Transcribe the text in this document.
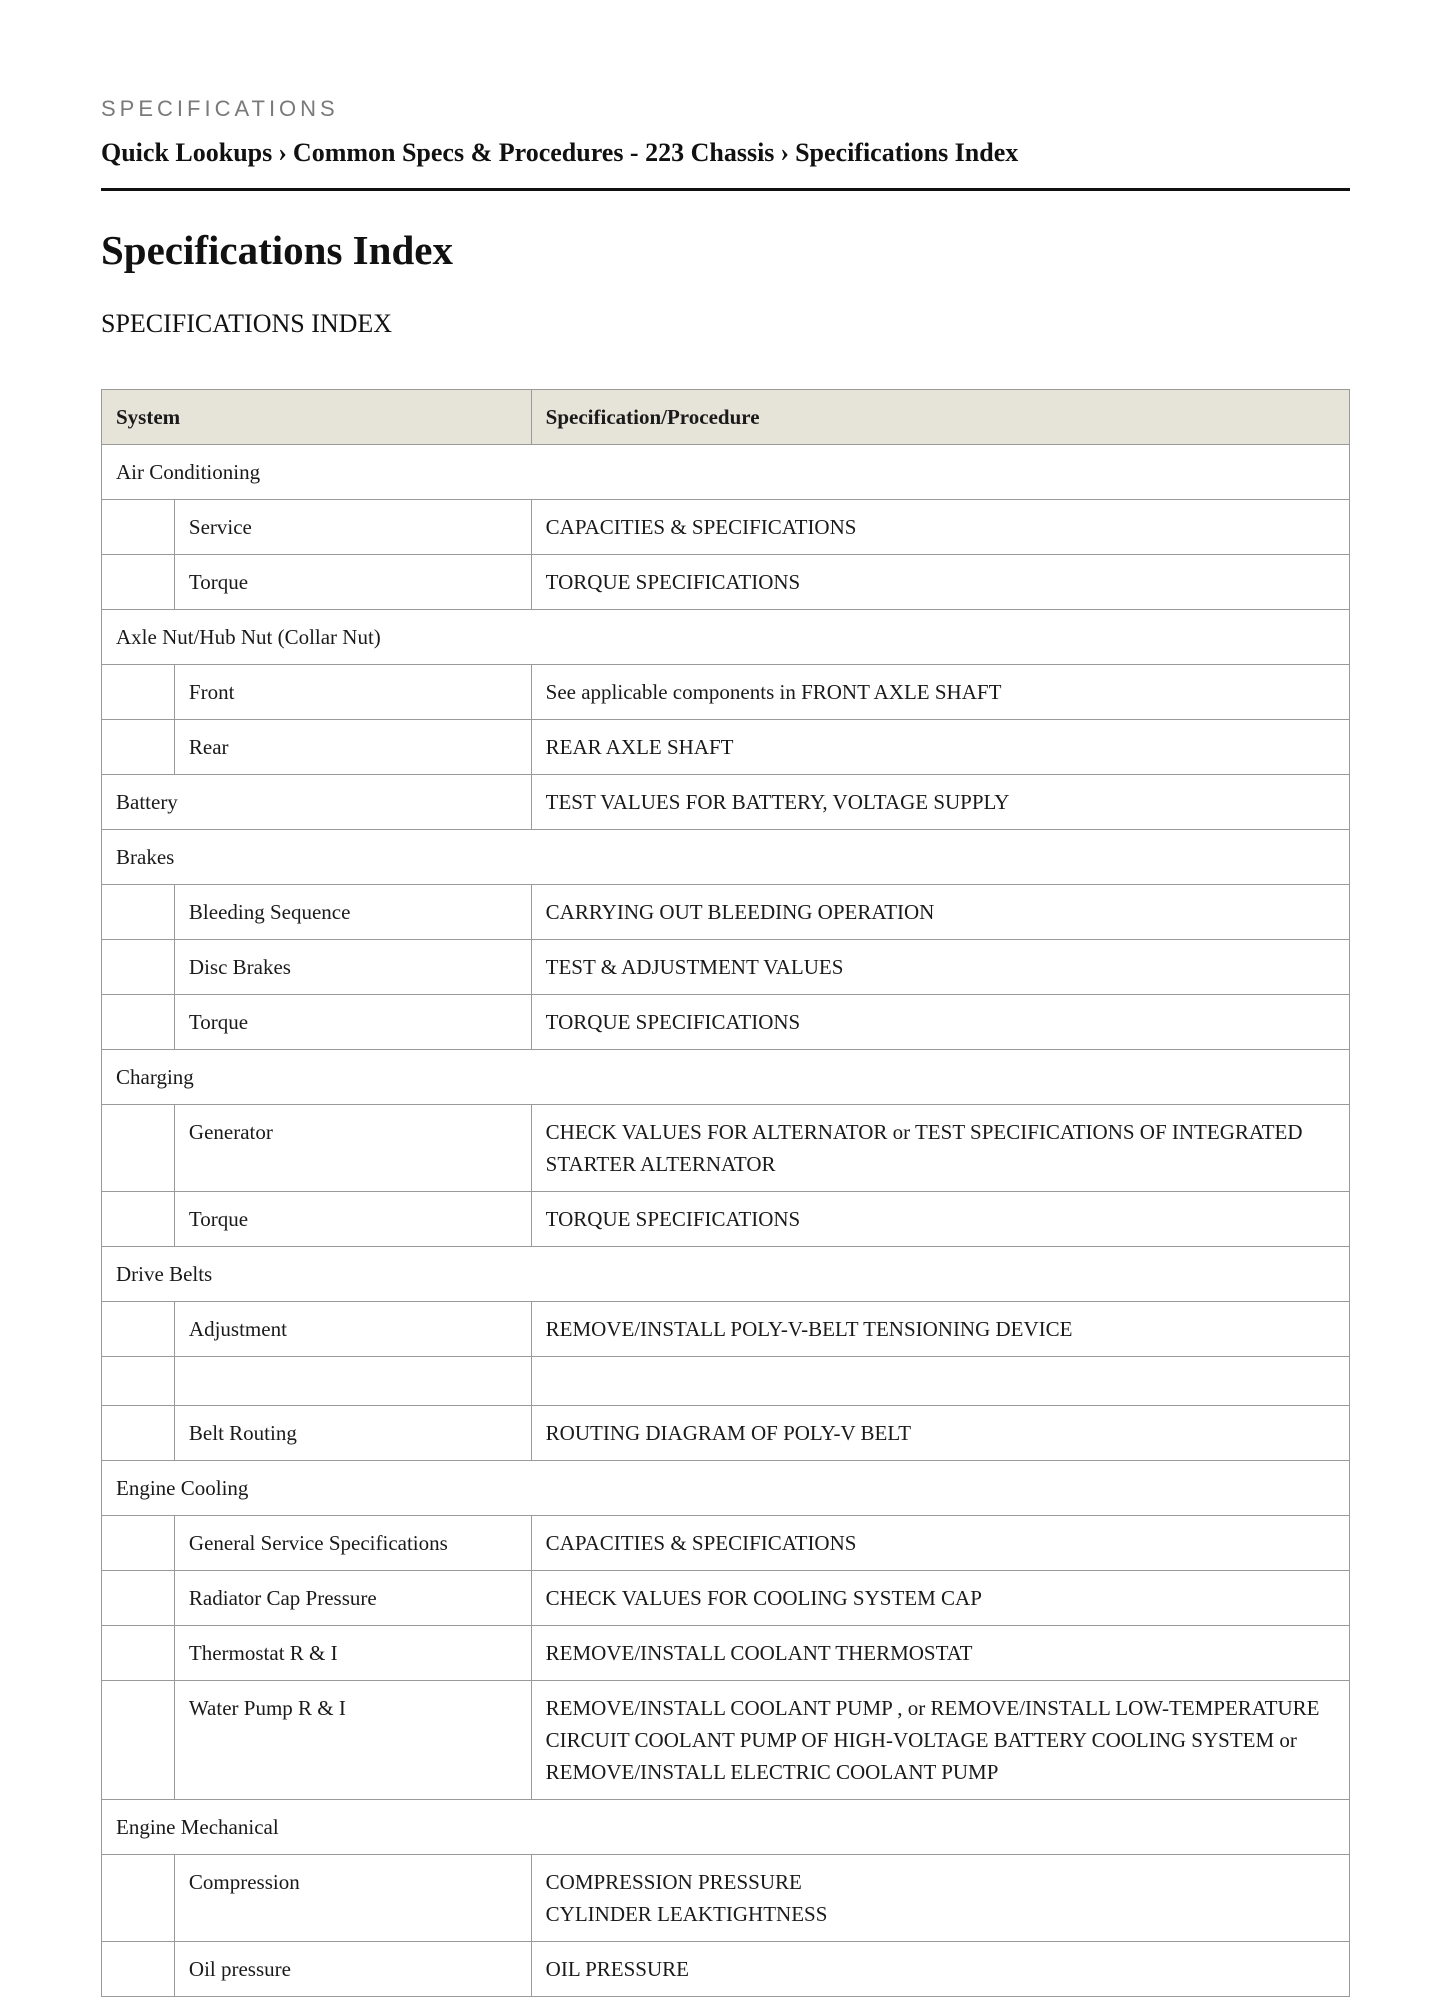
SPECIFICATIONS
Quick Lookups › Common Specs & Procedures - 223 Chassis › Specifications Index
Specifications Index
SPECIFICATIONS INDEX
System		Specification/Procedure
Air Conditioning		
	Service	CAPACITIES & SPECIFICATIONS

	Torque	TORQUE SPECIFICATIONS

Axle Nut/Hub Nut (Collar Nut)		
	Front	See applicable components in FRONT AXLE SHAFT

	Rear	REAR AXLE SHAFT

Battery		TEST VALUES FOR BATTERY, VOLTAGE SUPPLY

Brakes		
	Bleeding Sequence	CARRYING OUT BLEEDING OPERATION

	Disc Brakes	TEST & ADJUSTMENT VALUES

	Torque	TORQUE SPECIFICATIONS

Charging		
	Generator	CHECK VALUES FOR ALTERNATOR or TEST SPECIFICATIONS OF INTEGRATED STARTER ALTERNATOR

	Torque	TORQUE SPECIFICATIONS

Drive Belts		
	Adjustment	REMOVE/INSTALL POLY-V-BELT TENSIONING DEVICE

	Belt Routing	ROUTING DIAGRAM OF POLY-V BELT

Engine Cooling		
	General Service Specifications	CAPACITIES & SPECIFICATIONS

	Radiator Cap Pressure	CHECK VALUES FOR COOLING SYSTEM CAP

	Thermostat R & I	REMOVE/INSTALL COOLANT THERMOSTAT

	Water Pump R & I	REMOVE/INSTALL COOLANT PUMP , or REMOVE/INSTALL LOW-TEMPERATURE CIRCUIT COOLANT PUMP OF HIGH-VOLTAGE BATTERY COOLING SYSTEM or REMOVE/INSTALL ELECTRIC COOLANT PUMP

Engine Mechanical		
	Compression	COMPRESSION PRESSURE
CYLINDER LEAKTIGHTNESS

	Oil pressure	OIL PRESSURE
